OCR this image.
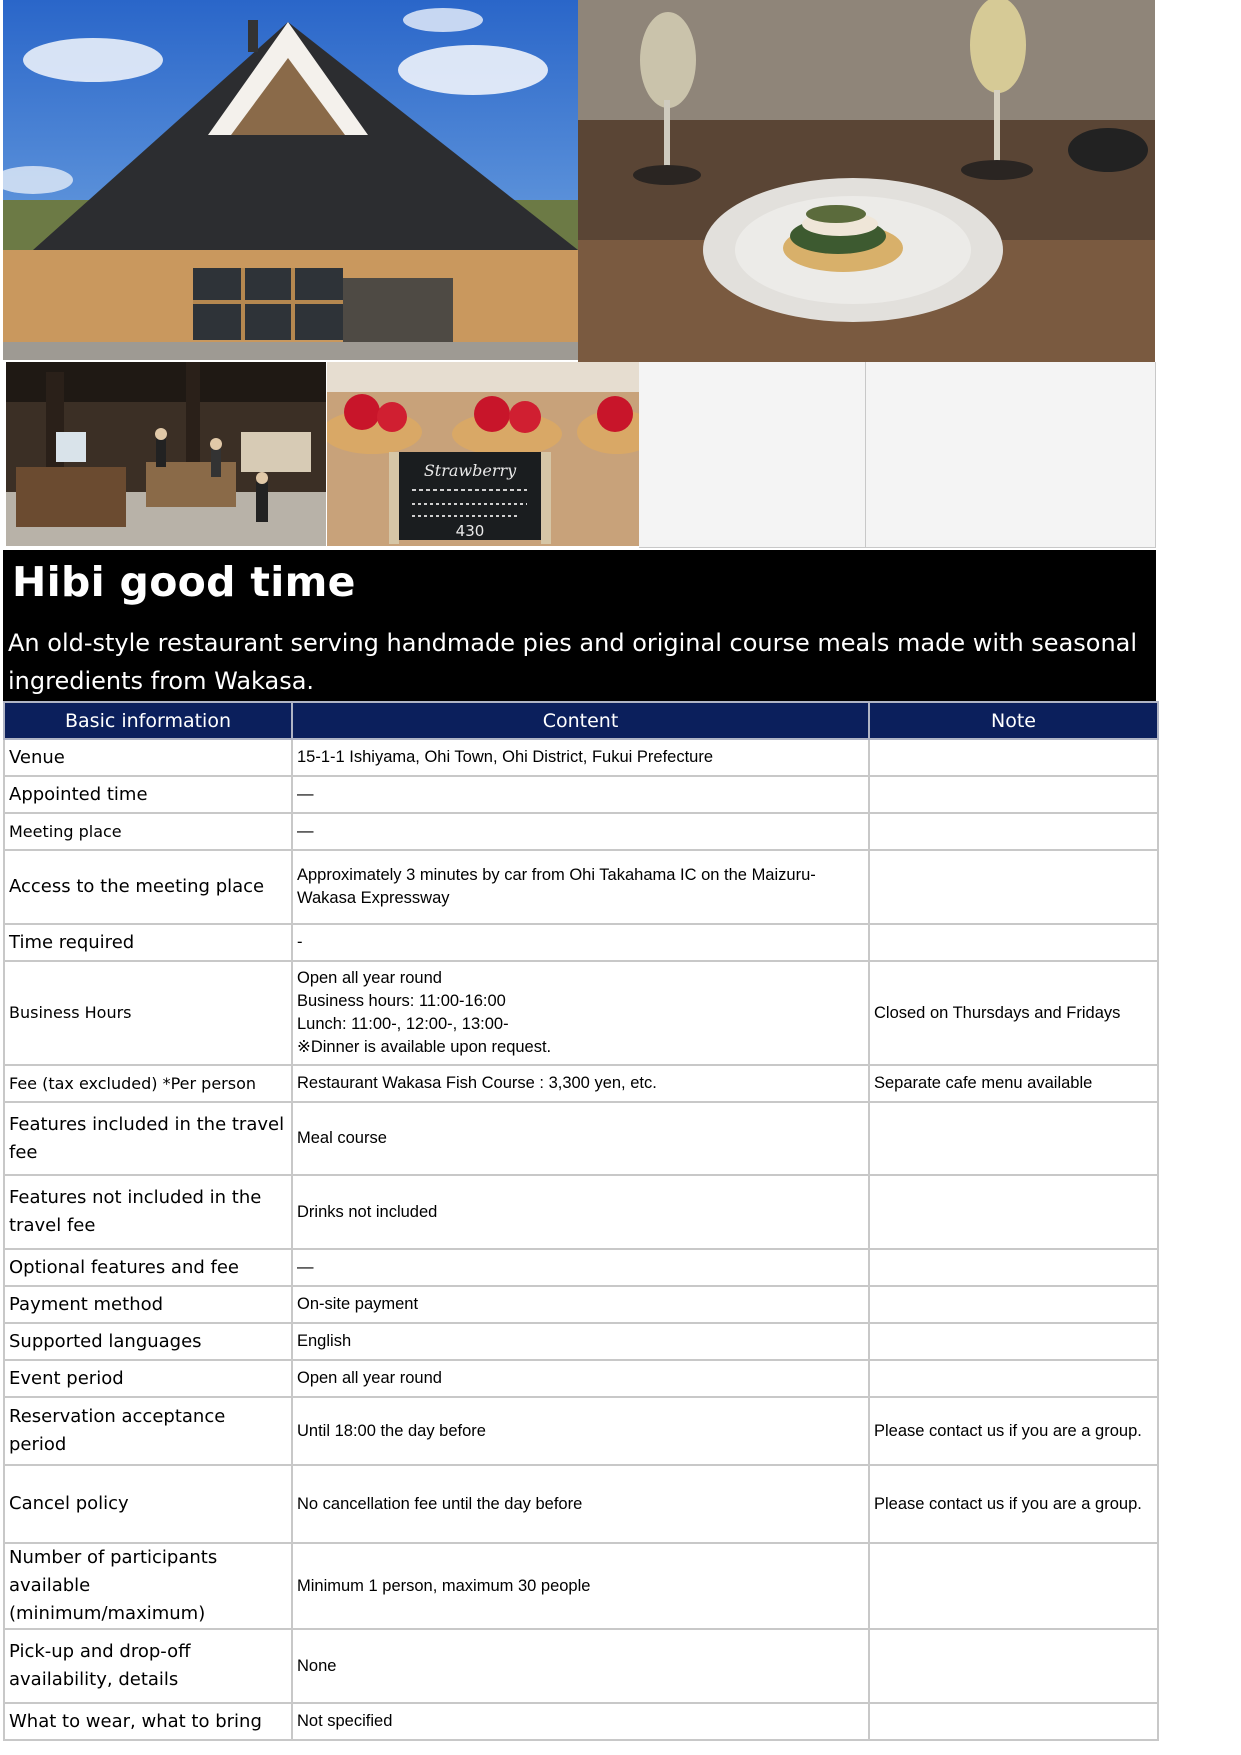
Strawberry
430
Hibi good time
An old-style restaurant serving handmade pies and original course meals made with seasonal ingredients from Wakasa.
Basic information	Content	Note
Venue	15-1-1 Ishiyama, Ohi Town, Ohi District, Fukui Prefecture	

Appointed time	—	

Meeting place	—	

Access to the meeting place	Approximately 3 minutes by car from Ohi Takahama IC on the Maizuru-Wakasa Expressway	

Time required	-	

Business Hours	Open all year round
Business hours: 11:00-16:00
Lunch: 11:00-, 12:00-, 13:00-
※Dinner is available upon request.	Closed on Thursdays and Fridays
Fee (tax excluded) *Per person	Restaurant Wakasa Fish Course : 3,300 yen, etc.	Separate cafe menu available
Features included in the travel fee	Meal course	

Features not included in the travel fee	Drinks not included	

Optional features and fee	—	

Payment method	On-site payment	

Supported languages	English	

Event period	Open all year round	

Reservation acceptance period	Until 18:00 the day before	Please contact us if you are a group.
Cancel policy	No cancellation fee until the day before	Please contact us if you are a group.
Number of participants available (minimum/maximum)	Minimum 1 person, maximum 30 people	

Pick-up and drop-off availability, details	None	

What to wear, what to bring	Not specified	
